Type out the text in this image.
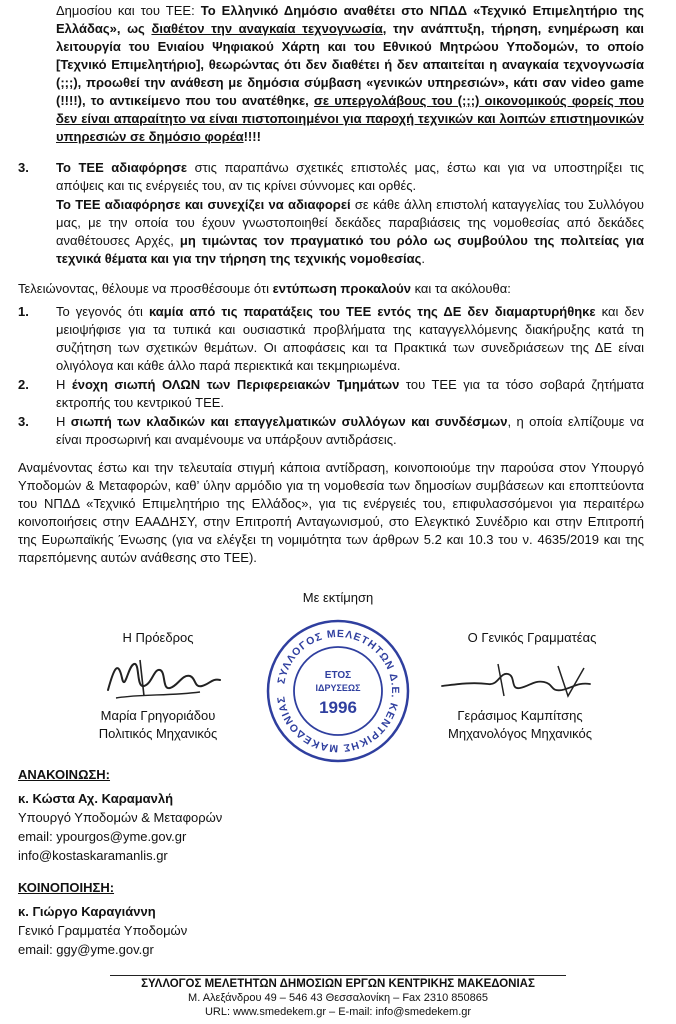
Δημοσίου και του ΤΕΕ: Το Ελληνικό Δημόσιο αναθέτει στο ΝΠΔΔ «Τεχνικό Επιμελητήριο της Ελλάδας», ως διαθέτον την αναγκαία τεχνογνωσία, την ανάπτυξη, τήρηση, ενημέρωση και λειτουργία του Ενιαίου Ψηφιακού Χάρτη και του Εθνικού Μητρώου Υποδομών, το οποίο [Τεχνικό Επιμελητήριο], θεωρώντας ότι δεν διαθέτει ή δεν απαιτείται η αναγκαία τεχνογνωσία (;;;), προωθεί την ανάθεση με δημόσια σύμβαση «γενικών υπηρεσιών», κάτι σαν video game (!!!!), το αντικείμενο που του ανατέθηκε, σε υπεργολάβους του (;;;) οικονομικούς φορείς που δεν είναι απαραίτητο να είναι πιστοποιημένοι για παροχή τεχνικών και λοιπών επιστημονικών υπηρεσιών σε δημόσιο φορέα!!!!
3. Το ΤΕΕ αδιαφόρησε στις παραπάνω σχετικές επιστολές μας, έστω και για να υποστηρίξει τις απόψεις και τις ενέργειές του, αν τις κρίνει σύννομες και ορθές.
Το ΤΕΕ αδιαφόρησε και συνεχίζει να αδιαφορεί σε κάθε άλλη επιστολή καταγγελίας του Συλλόγου μας, με την οποία του έχουν γνωστοποιηθεί δεκάδες παραβιάσεις της νομοθεσίας από δεκάδες αναθέτουσες Αρχές, μη τιμώντας τον πραγματικό του ρόλο ως συμβούλου της πολιτείας για τεχνικά θέματα και για την τήρηση της τεχνικής νομοθεσίας.
Τελειώνοντας, θέλουμε να προσθέσουμε ότι εντύπωση προκαλούν και τα ακόλουθα:
1. Το γεγονός ότι καμία από τις παρατάξεις του ΤΕΕ εντός της ΔΕ δεν διαμαρτυρήθηκε και δεν μειοψήφισε για τα τυπικά και ουσιαστικά προβλήματα της καταγγελλόμενης διακήρυξης κατά τη συζήτηση των σχετικών θεμάτων. Οι αποφάσεις και τα Πρακτικά των συνεδριάσεων της ΔΕ είναι ολιγόλογα και κάθε άλλο παρά περιεκτικά και τεκμηριωμένα.
2. Η ένοχη σιωπή ΟΛΩΝ των Περιφερειακών Τμημάτων του ΤΕΕ για τα τόσο σοβαρά ζητήματα εκτροπής του κεντρικού ΤΕΕ.
3. Η σιωπή των κλαδικών και επαγγελματικών συλλόγων και συνδέσμων, η οποία ελπίζουμε να είναι προσωρινή και αναμένουμε να υπάρξουν αντιδράσεις.
Αναμένοντας έστω και την τελευταία στιγμή κάποια αντίδραση, κοινοποιούμε την παρούσα στον Υπουργό Υποδομών & Μεταφορών, καθ’ ύλην αρμόδιο για τη νομοθεσία των δημοσίων συμβάσεων και εποπτεύοντα του ΝΠΔΔ «Τεχνικό Επιμελητήριο της Ελλάδος», για τις ενέργειές του, επιφυλασσόμενοι για περαιτέρω κοινοποιήσεις στην ΕΑΑΔΗΣΥ, στην Επιτροπή Ανταγωνισμού, στο Ελεγκτικό Συνέδριο και στην Επιτροπή της Ευρωπαϊκής Ένωσης (για να ελέγξει τη νομιμότητα των άρθρων 5.2 και 10.3 του ν. 4635/2019 και της παρεπόμενης αυτών ανάθεσης στο ΤΕΕ).
Με εκτίμηση
Η Πρόεδρος
Μαρία Γρηγοριάδου
Πολιτικός Μηχανικός
ΣΥΛΛΟΓΟΣ ΜΕΛΕΤΗΤΩΝ Δ.Ε. ΚΕΝΤΡΙΚΗΣ ΜΑΚΕΔΟΝΙΑΣ
ΕΤΟΣ
ΙΔΡΥΣΕΩΣ
1996
Ο Γενικός Γραμματέας
Γεράσιμος Καμπίτσης
Μηχανολόγος Μηχανικός
ΑΝΑΚΟΙΝΩΣΗ:
κ. Κώστα Αχ. Καραμανλή
Υπουργό Υποδομών & Μεταφορών
email: ypourgos@yme.gov.gr
info@kostaskaramanlis.gr
ΚΟΙΝΟΠΟΙΗΣΗ:
κ. Γιώργο Καραγιάννη
Γενικό Γραμματέα Υποδομών
email: ggy@yme.gov.gr
ΣΥΛΛΟΓΟΣ ΜΕΛΕΤΗΤΩΝ ΔΗΜΟΣΙΩΝ ΕΡΓΩΝ ΚΕΝΤΡΙΚΗΣ ΜΑΚΕΔΟΝΙΑΣ
Μ. Αλεξάνδρου 49 – 546 43 Θεσσαλονίκη – Fax 2310 850865
URL: www.smedekem.gr – E-mail: info@smedekem.gr
